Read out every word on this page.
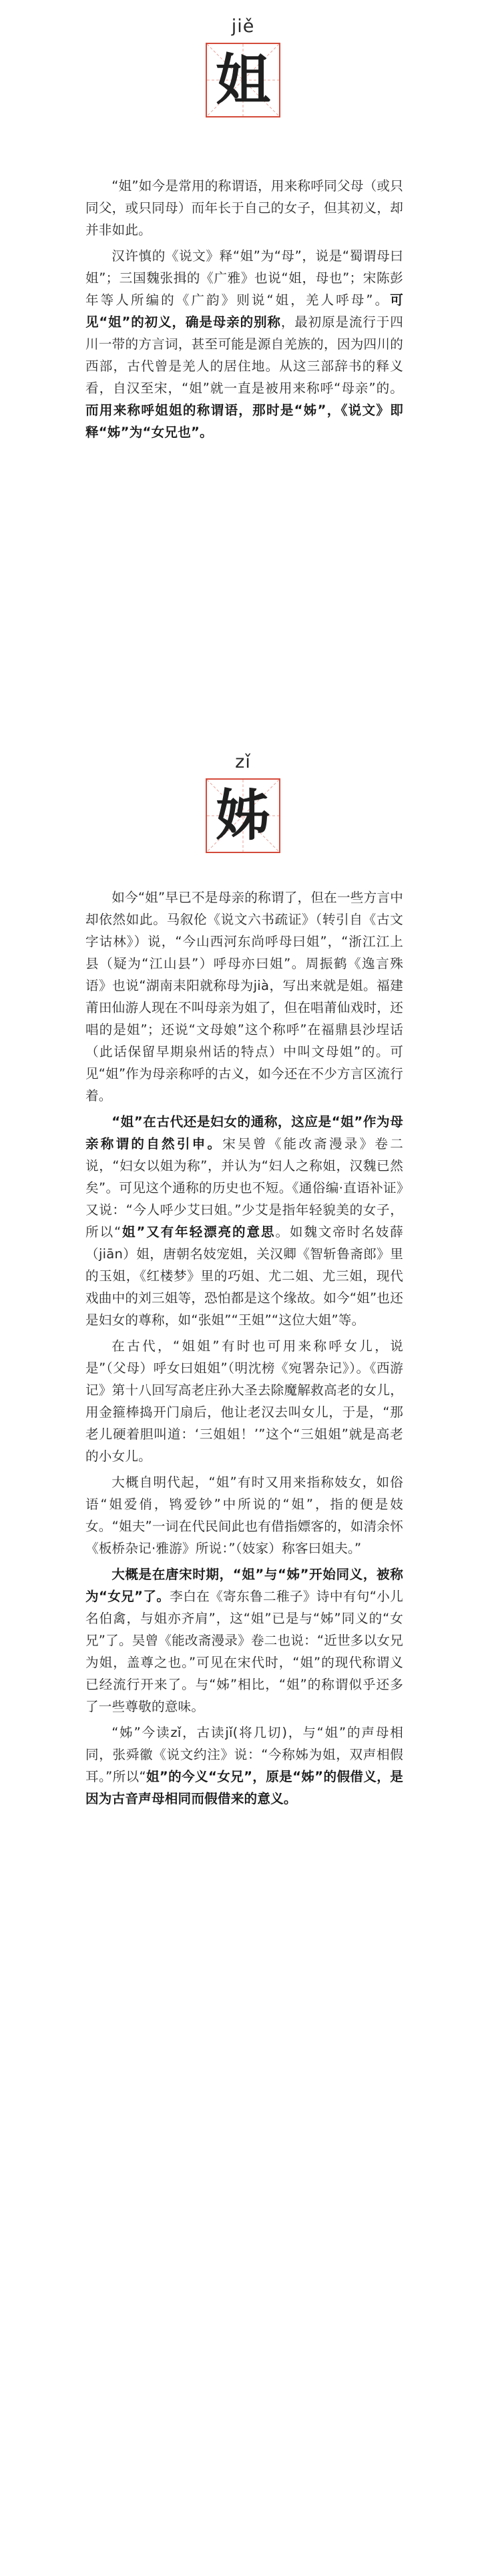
jiě
姐

“姐”如今是常用的称谓语，用来称呼同父母（或只同父，或只同母）而年长于自己的女子，但其初义，却并非如此。

汉许慎的《说文》释“姐”为“母”，说是“蜀谓母曰姐”；三国魏张揖的《广雅》也说“姐，母也”；宋陈彭年等人所编的《广韵》则说“姐，羌人呼母”。可见“姐”的初义，确是母亲的别称，最初原是流行于四川一带的方言词，甚至可能是源自羌族的，因为四川的西部，古代曾是羌人的居住地。从这三部辞书的释义看，自汉至宋，“姐”就一直是被用来称呼“母亲”的。而用来称呼姐姐的称谓语，那时是“姊”，《说文》即释“姊”为“女兄也”。

zǐ
姊

如今“姐”早已不是母亲的称谓了，但在一些方言中却依然如此。马叙伦《说文六书疏证》（转引自《古文字诂林》）说，“今山西河东尚呼母曰姐”，“浙江江上县（疑为“江山县”）呼母亦曰姐”。周振鹤《逸言殊语》也说“湖南耒阳就称母为jià，写出来就是姐。福建莆田仙游人现在不叫母亲为姐了，但在唱莆仙戏时，还唱的是姐”；还说“文母娘”这个称呼”在福鼎县沙埕话（此话保留早期泉州话的特点）中叫文母姐”的。可见“姐”作为母亲称呼的古义，如今还在不少方言区流行着。

“姐”在古代还是妇女的通称，这应是“姐”作为母亲称谓的自然引申。宋吴曾《能改斋漫录》卷二说，“妇女以姐为称”，并认为“妇人之称姐，汉魏已然矣”。可见这个通称的历史也不短。《通俗编·直语补证》又说：“今人呼少艾曰姐。”少艾是指年轻貌美的女子，所以“姐”又有年轻漂亮的意思。如魏文帝时名妓薛（jiān）姐，唐朝名妓宠姐，关汉卿《智斩鲁斋郎》里的玉姐，《红楼梦》里的巧姐、尤二姐、尤三姐，现代戏曲中的刘三姐等，恐怕都是这个缘故。如今“姐”也还是妇女的尊称，如“张姐”“王姐”“这位大姐”等。

在古代，“姐姐”有时也可用来称呼女儿，说是”（父母）呼女曰姐姐”（明沈榜《宛署杂记》）。《西游记》第十八回写高老庄孙大圣去除魔解救高老的女儿，用金箍棒捣开门扇后，他让老汉去叫女儿，于是，“那老儿硬着胆叫道：‘三姐姐！’”这个“三姐姐”就是高老的小女儿。

大概自明代起，“姐”有时又用来指称妓女，如俗语“姐爱俏，鸨爱钞”中所说的“姐”，指的便是妓女。“姐夫”一词在代民间此也有借指嫖客的，如清余怀《板桥杂记·雅游》所说：”（妓家）称客曰姐夫。”

大概是在唐宋时期，“姐”与“姊”开始同义，被称为“女兄”了。李白在《寄东鲁二稚子》诗中有句“小儿名伯禽，与姐亦齐肩”，这“姐”已是与“姊”同义的“女兄”了。吴曾《能改斋漫录》卷二也说：“近世多以女兄为姐，盖尊之也。”可见在宋代时，“姐”的现代称谓义已经流行开来了。与“姊”相比，“姐”的称谓似乎还多了一些尊敬的意味。

“姊”今读zǐ，古读jǐ(将几切)，与“姐”的声母相同，张舜徽《说文约注》说：“今称姊为姐，双声相假耳。”所以“姐”的今义“女兄”，原是“姊”的假借义，是因为古音声母相同而假借来的意义。
